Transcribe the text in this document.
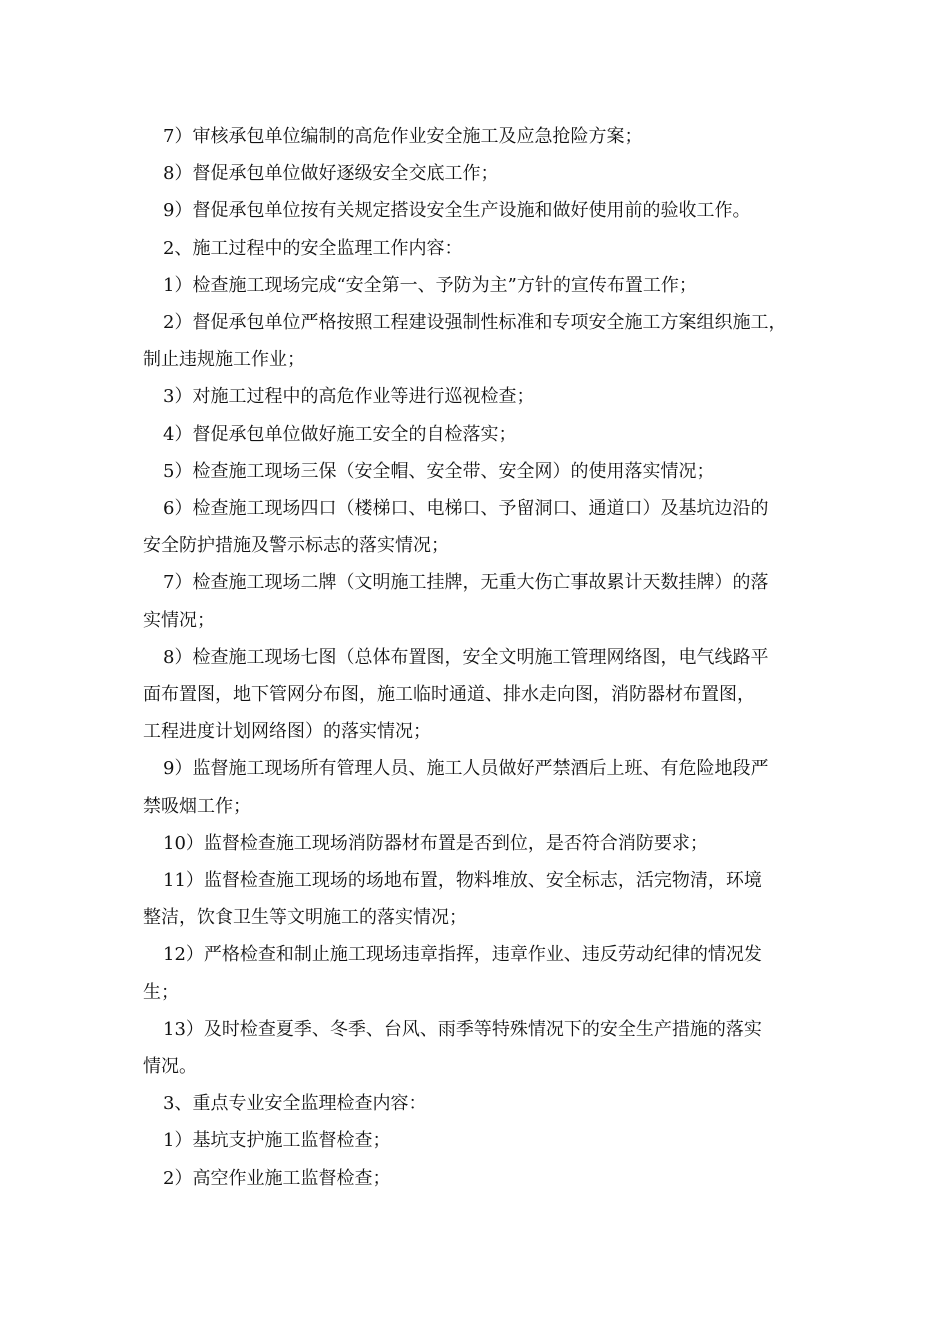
7）审核承包单位编制的高危作业安全施工及应急抢险方案；
8）督促承包单位做好逐级安全交底工作；
9）督促承包单位按有关规定搭设安全生产设施和做好使用前的验收工作。
2、施工过程中的安全监理工作内容：
1）检查施工现场完成“安全第一、予防为主”方针的宣传布置工作；
2）督促承包单位严格按照工程建设强制性标准和专项安全施工方案组织施工，
制止违规施工作业；
3）对施工过程中的高危作业等进行巡视检查；
4）督促承包单位做好施工安全的自检落实；
5）检查施工现场三保（安全帽、安全带、安全网）的使用落实情况；
6）检查施工现场四口（楼梯口、电梯口、予留洞口、通道口）及基坑边沿的
安全防护措施及警示标志的落实情况；
7）检查施工现场二牌（文明施工挂牌，无重大伤亡事故累计天数挂牌）的落
实情况；
8）检查施工现场七图（总体布置图，安全文明施工管理网络图，电气线路平
面布置图，地下管网分布图，施工临时通道、排水走向图，消防器材布置图，
工程进度计划网络图）的落实情况；
9）监督施工现场所有管理人员、施工人员做好严禁酒后上班、有危险地段严
禁吸烟工作；
10）监督检查施工现场消防器材布置是否到位，是否符合消防要求；
11）监督检查施工现场的场地布置，物料堆放、安全标志，活完物清，环境
整洁，饮食卫生等文明施工的落实情况；
12）严格检查和制止施工现场违章指挥，违章作业、违反劳动纪律的情况发
生；
13）及时检查夏季、冬季、台风、雨季等特殊情况下的安全生产措施的落实
情况。
3、重点专业安全监理检查内容：
1）基坑支护施工监督检查；
2）高空作业施工监督检查；
